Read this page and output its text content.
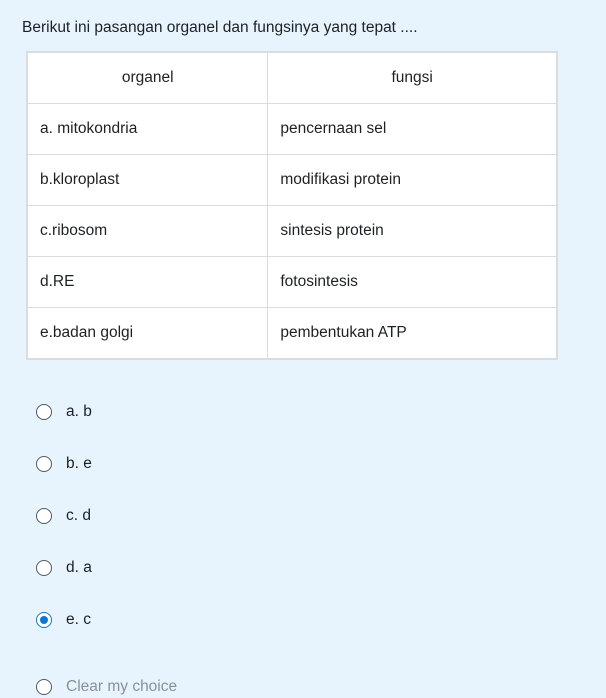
Berikut ini pasangan organel dan fungsinya yang tepat ....
organel	fungsi
a. mitokondria	pencernaan sel
b.kloroplast	modifikasi protein
c.ribosom	sintesis protein
d.RE	fotosintesis
e.badan golgi	pembentukan ATP
a. b
b. e
c. d
d. a
e. c
Clear my choice
